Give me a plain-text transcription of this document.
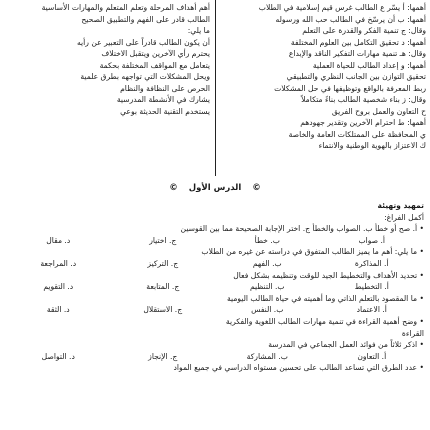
أهمها: أ يسّر ع الطالب غرس قيم إسلامية في الطلاب

أهمها: ب أن يرسّخ في الطالب حب الله ورسوله

وقال: ج تنمية الفكر والقدرة على التعلم

أهمها: د تحقيق التكامل بين العلوم المختلفة

وقال: هـ تنمية مهارات التفكير الناقد والإبداع

أهمها: و إعداد الطالب للحياة العملية

تحقيق التوازن بين الجانب النظري والتطبيقي

ربط المعرفة بالواقع وتوظيفها في حل المشكلات

وقال: ز بناء شخصية الطالب بناءً متكاملاً

ح التعاون والعمل بروح الفريق

أهمها: ط احترام الآخرين وتقدير جهودهم

ي المحافظة على الممتلكات العامة والخاصة

ك الاعتزاز بالهوية الوطنية والانتماء

أهم أهداف المرحلة وتعلم المتعلم والمهارات الأساسية

الطالب قادر على الفهم والتطبيق الصحيح

ما يلي:

أن يكون الطالب قادراً على التعبير عن رأيه

يحترم رأي الآخرين ويتقبل الاختلاف

يتعامل مع المواقف المختلفة بحكمة

ويحل المشكلات التي تواجهه بطرق علمية

الحرص على النظافة والنظام

يشارك في الأنشطة المدرسية

يستخدم التقنية الحديثة بوعي

© الدرس الأول ©

تمهيد وتهيئة

أكمل الفراغ:

• أ. صح أو خطأ ب. الصواب والخطأ ج. اختر الإجابة الصحيحة مما بين القوسين

أ. صواب
ب. خطأ
ج. اختيار
د. مقال

• ما يلي: أهم ما يميز الطالب المتفوق في دراسته عن غيره من الطلاب

أ. المذاكرة
ب. الفهم
ج. التركيز
د. المراجعة

• تحديد الأهداف والتخطيط الجيد للوقت وتنظيمه بشكل فعال

أ. التخطيط
ب. التنظيم
ج. المتابعة
د. التقويم

• ما المقصود بالتعلم الذاتي وما أهميته في حياة الطالب اليومية

أ. الاعتماد
ب. النفس
ج. الاستقلال
د. الثقة

• وضح أهمية القراءة في تنمية مهارات الطالب اللغوية والفكرية

القراءة

• اذكر ثلاثاً من فوائد العمل الجماعي في المدرسة

أ. التعاون
ب. المشاركة
ج. الإنجاز
د. التواصل

• عدد الطرق التي تساعد الطالب على تحسين مستواه الدراسي في جميع المواد
